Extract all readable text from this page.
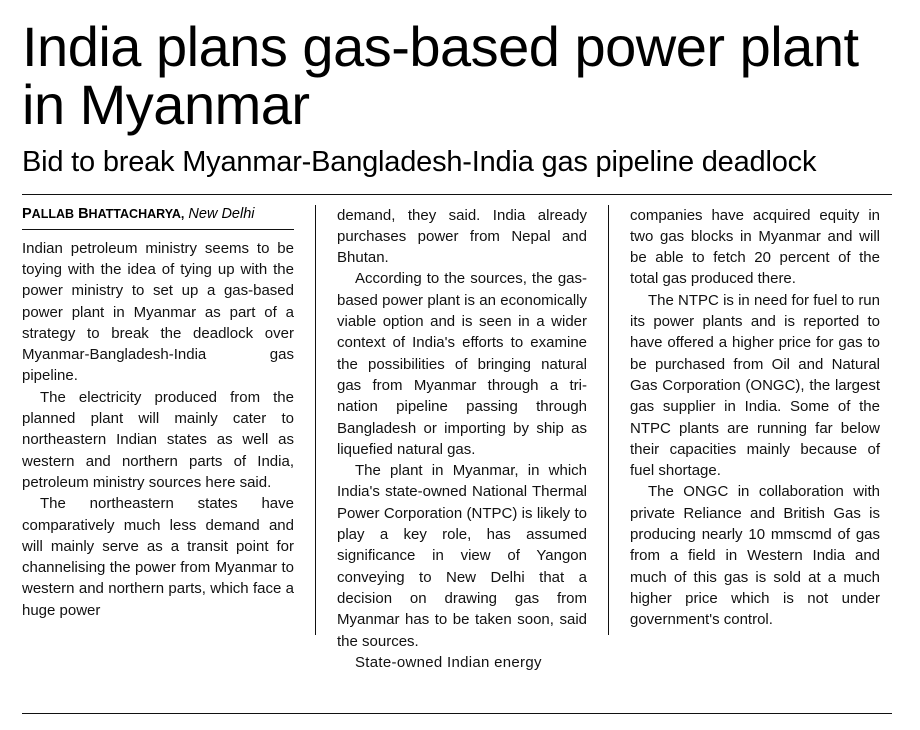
India plans gas-based power plant in Myanmar
Bid to break Myanmar-Bangladesh-India gas pipeline deadlock
PALLAB BHATTACHARYA, New Delhi

Indian petroleum ministry seems to be toying with the idea of tying up with the power ministry to set up a gas-based power plant in Myanmar as part of a strategy to break the deadlock over Myanmar-Bangladesh-India gas pipeline.

The electricity produced from the planned plant will mainly cater to northeastern Indian states as well as western and northern parts of India, petroleum ministry sources here said.

The northeastern states have comparatively much less demand and will mainly serve as a transit point for channelising the power from Myanmar to western and northern parts, which face a huge power

demand, they said. India already purchases power from Nepal and Bhutan.

According to the sources, the gas-based power plant is an economically viable option and is seen in a wider context of India's efforts to examine the possibilities of bringing natural gas from Myanmar through a tri-nation pipeline passing through Bangladesh or importing by ship as liquefied natural gas.

The plant in Myanmar, in which India's state-owned National Thermal Power Corporation (NTPC) is likely to play a key role, has assumed significance in view of Yangon conveying to New Delhi that a decision on drawing gas from Myanmar has to be taken soon, said the sources.

State-owned Indian energy

companies have acquired equity in two gas blocks in Myanmar and will be able to fetch 20 percent of the total gas produced there.

The NTPC is in need for fuel to run its power plants and is reported to have offered a higher price for gas to be purchased from Oil and Natural Gas Corporation (ONGC), the largest gas supplier in India. Some of the NTPC plants are running far below their capacities mainly because of fuel shortage.

The ONGC in collaboration with private Reliance and British Gas is producing nearly 10 mmscmd of gas from a field in Western India and much of this gas is sold at a much higher price which is not under government's control.
